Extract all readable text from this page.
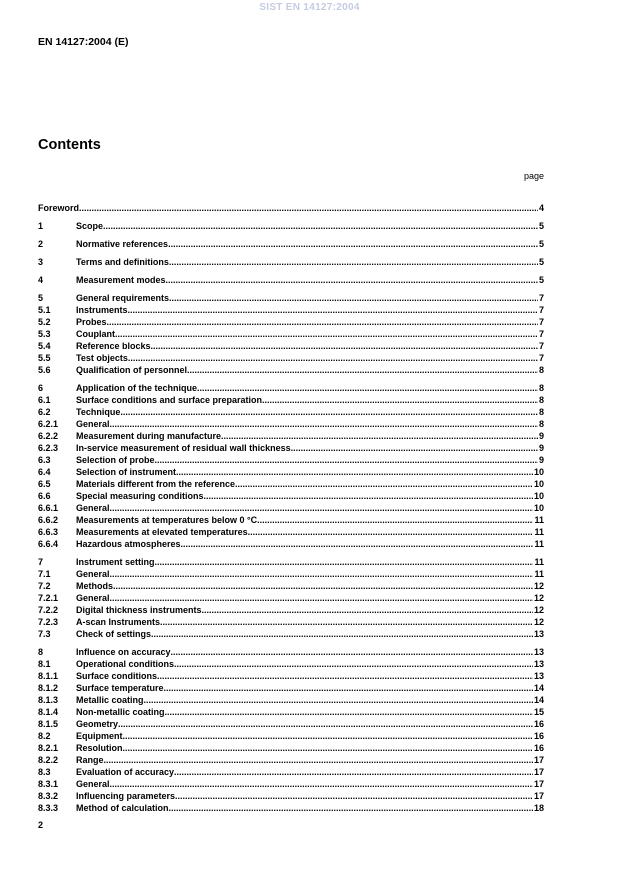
SIST EN 14127:2004
EN 14127:2004 (E)
Contents
page
Foreword .....	4
1	Scope .....	5
2	Normative references .....	5
3	Terms and definitions .....	5
4	Measurement modes .....	5
5	General requirements .....	7
5.1	Instruments .....	7
5.2	Probes .....	7
5.3	Couplant .....	7
5.4	Reference blocks .....	7
5.5	Test objects .....	7
5.6	Qualification of personnel .....	8
6	Application of the technique .....	8
6.1	Surface conditions and surface preparation .....	8
6.2	Technique .....	8
6.2.1	General .....	8
6.2.2	Measurement during manufacture .....	9
6.2.3	In-service measurement of residual wall thickness .....	9
6.3	Selection of probe .....	9
6.4	Selection of instrument .....	10
6.5	Materials different from the reference .....	10
6.6	Special measuring conditions .....	10
6.6.1	General .....	10
6.6.2	Measurements at temperatures below 0 °C .....	11
6.6.3	Measurements at elevated temperatures .....	11
6.6.4	Hazardous atmospheres .....	11
7	Instrument setting .....	11
7.1	General .....	11
7.2	Methods .....	12
7.2.1	General .....	12
7.2.2	Digital thickness instruments .....	12
7.2.3	A-scan Instruments .....	12
7.3	Check of settings .....	13
8	Influence on accuracy .....	13
8.1	Operational conditions .....	13
8.1.1	Surface conditions .....	13
8.1.2	Surface temperature .....	14
8.1.3	Metallic coating .....	14
8.1.4	Non-metallic coating .....	15
8.1.5	Geometry .....	16
8.2	Equipment .....	16
8.2.1	Resolution .....	16
8.2.2	Range .....	17
8.3	Evaluation of accuracy .....	17
8.3.1	General .....	17
8.3.2	Influencing parameters .....	17
8.3.3	Method of calculation .....	18
2
